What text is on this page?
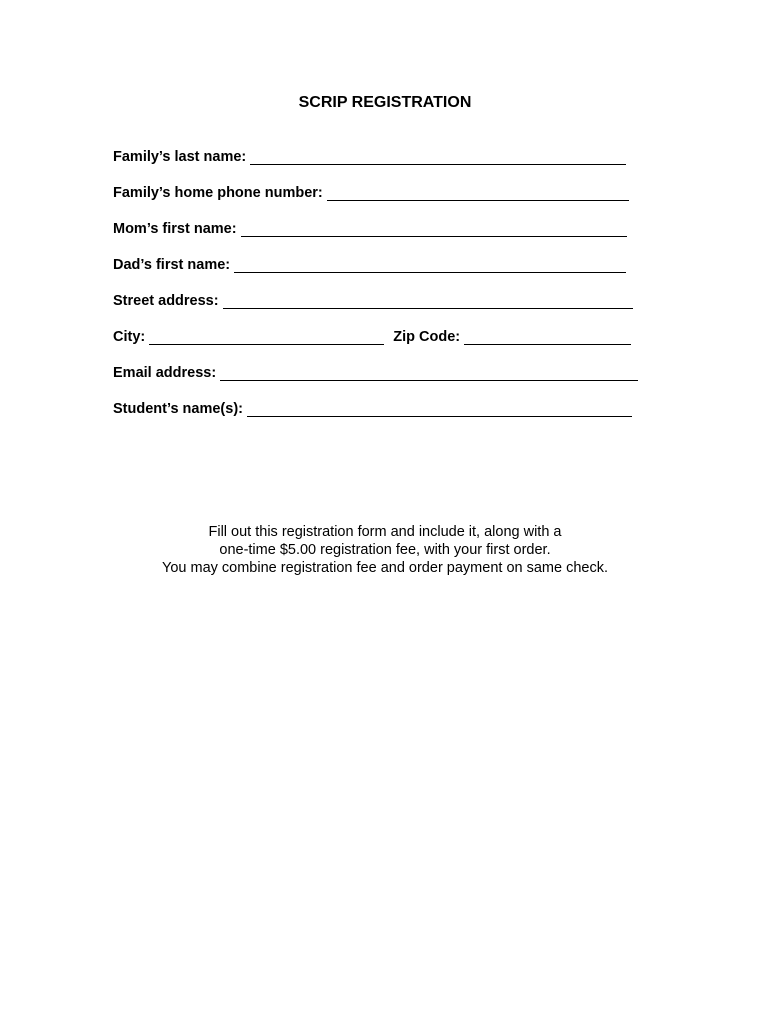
SCRIP REGISTRATION
Family’s last name:
Family’s home phone number:
Mom’s first name:
Dad’s first name:
Street address:
City:	Zip Code:
Email address:
Student’s name(s):
Fill out this registration form and include it, along with a
one-time $5.00 registration fee, with your first order.
You may combine registration fee and order payment on same check.
